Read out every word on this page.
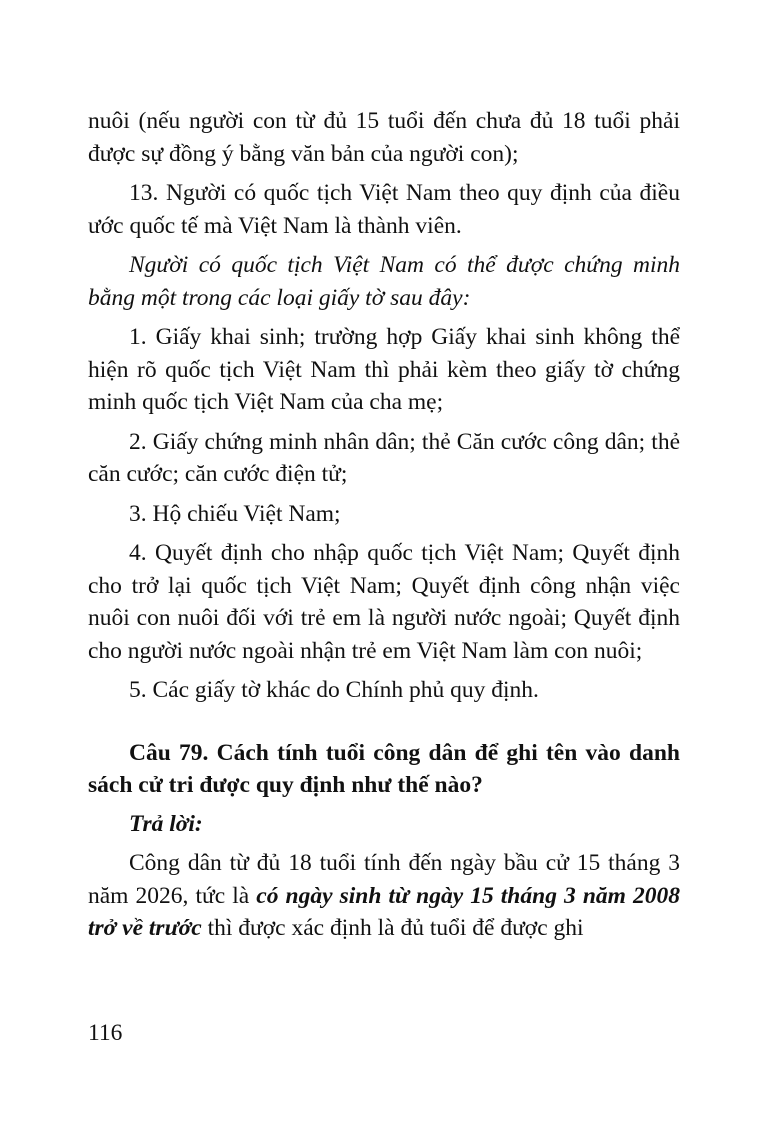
nuôi (nếu người con từ đủ 15 tuổi đến chưa đủ 18 tuổi phải được sự đồng ý bằng văn bản của người con);

13. Người có quốc tịch Việt Nam theo quy định của điều ước quốc tế mà Việt Nam là thành viên.

Người có quốc tịch Việt Nam có thể được chứng minh bằng một trong các loại giấy tờ sau đây:

1. Giấy khai sinh; trường hợp Giấy khai sinh không thể hiện rõ quốc tịch Việt Nam thì phải kèm theo giấy tờ chứng minh quốc tịch Việt Nam của cha mẹ;

2. Giấy chứng minh nhân dân; thẻ Căn cước công dân; thẻ căn cước; căn cước điện tử;

3. Hộ chiếu Việt Nam;

4. Quyết định cho nhập quốc tịch Việt Nam; Quyết định cho trở lại quốc tịch Việt Nam; Quyết định công nhận việc nuôi con nuôi đối với trẻ em là người nước ngoài; Quyết định cho người nước ngoài nhận trẻ em Việt Nam làm con nuôi;

5. Các giấy tờ khác do Chính phủ quy định.

Câu 79. Cách tính tuổi công dân để ghi tên vào danh sách cử tri được quy định như thế nào?

Trả lời:

Công dân từ đủ 18 tuổi tính đến ngày bầu cử 15 tháng 3 năm 2026, tức là có ngày sinh từ ngày 15 tháng 3 năm 2008 trở về trước thì được xác định là đủ tuổi để được ghi

116
